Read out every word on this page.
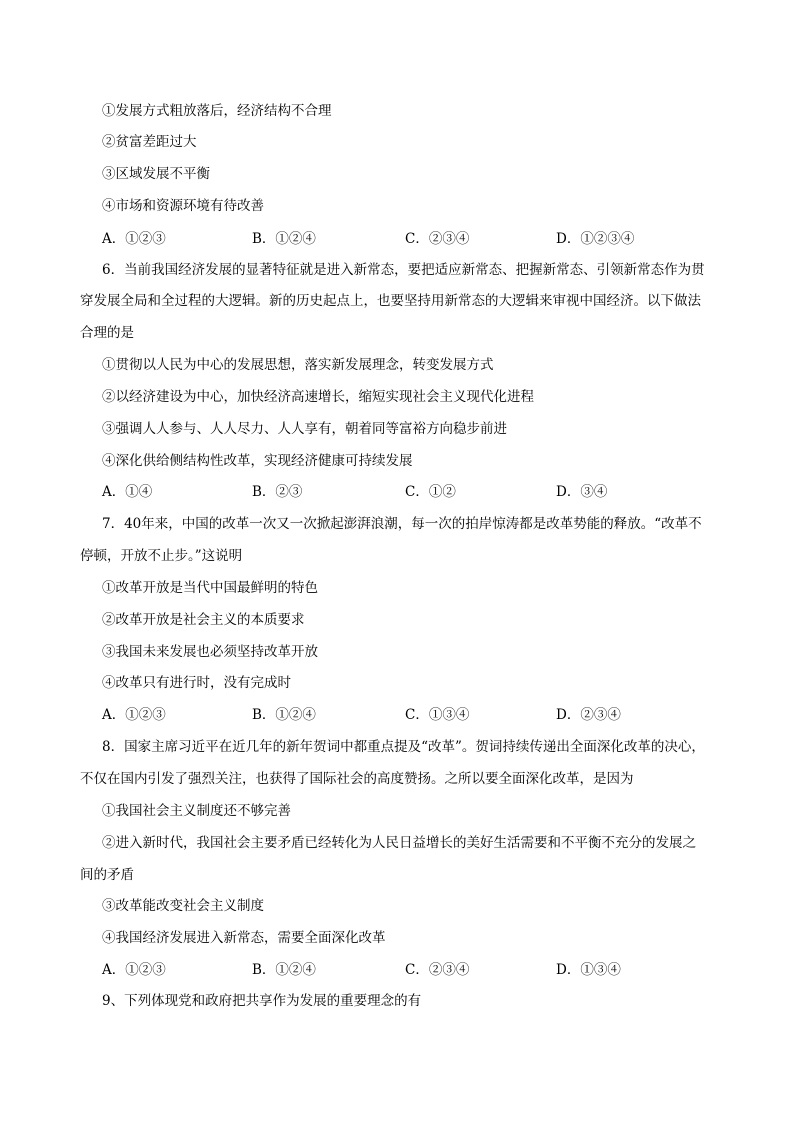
①发展方式粗放落后，经济结构不合理
②贫富差距过大
③区域发展不平衡
④市场和资源环境有待改善
A．①②③	B．①②④	C．②③④	D．①②③④
6．当前我国经济发展的显著特征就是进入新常态，要把适应新常态、把握新常态、引领新常态作为贯
穿发展全局和全过程的大逻辑。新的历史起点上，也要坚持用新常态的大逻辑来审视中国经济。以下做法
合理的是
①贯彻以人民为中心的发展思想，落实新发展理念，转变发展方式
②以经济建设为中心，加快经济高速增长，缩短实现社会主义现代化进程
③强调人人参与、人人尽力、人人享有，朝着同等富裕方向稳步前进
④深化供给侧结构性改革，实现经济健康可持续发展
A．①④	B．②③	C．①②	D．③④
7．40年来，中国的改革一次又一次掀起澎湃浪潮，每一次的拍岸惊涛都是改革势能的释放。“改革不
停顿，开放不止步。”这说明
①改革开放是当代中国最鲜明的特色
②改革开放是社会主义的本质要求
③我国未来发展也必须坚持改革开放
④改革只有进行时，没有完成时
A．①②③	B．①②④	C．①③④	D．②③④
8．国家主席习近平在近几年的新年贺词中都重点提及“改革”。贺词持续传递出全面深化改革的决心，
不仅在国内引发了强烈关注，也获得了国际社会的高度赞扬。之所以要全面深化改革，是因为
①我国社会主义制度还不够完善
②进入新时代，我国社会主要矛盾已经转化为人民日益增长的美好生活需要和不平衡不充分的发展之
间的矛盾
③改革能改变社会主义制度
④我国经济发展进入新常态，需要全面深化改革
A．①②③	B．①②④	C．②③④	D．①③④
9、下列体现党和政府把共享作为发展的重要理念的有
